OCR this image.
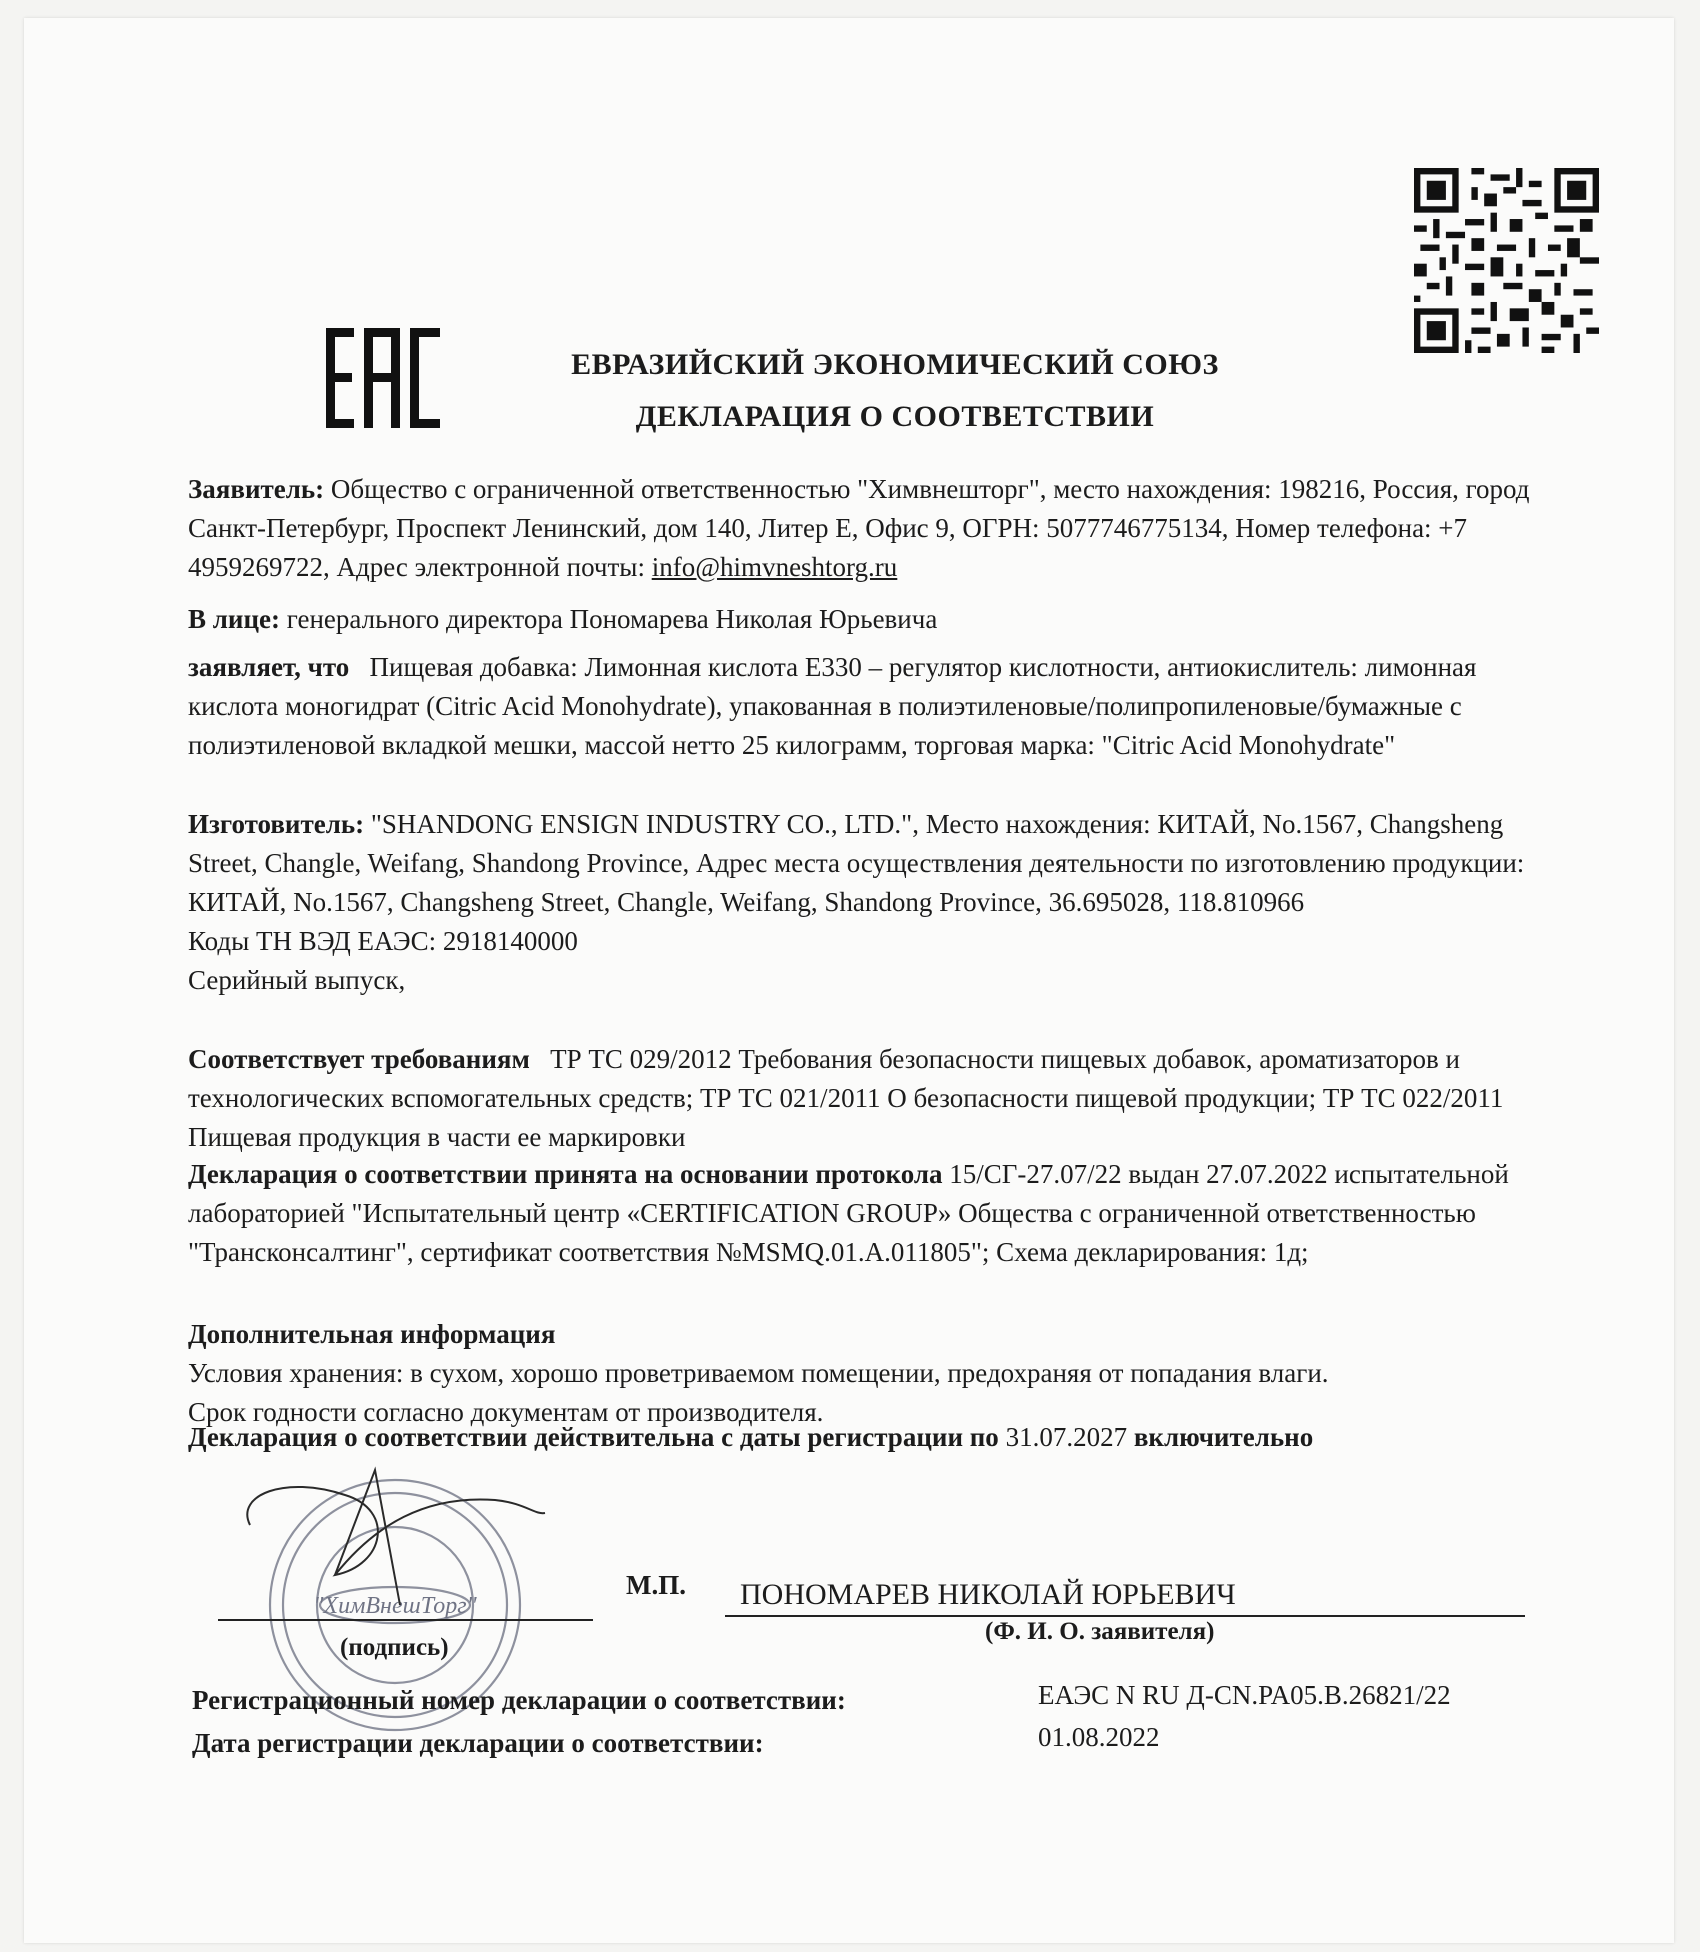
ЕВРАЗИЙСКИЙ ЭКОНОМИЧЕСКИЙ СОЮЗ
ДЕКЛАРАЦИЯ О СООТВЕТСТВИИ
Заявитель: Общество с ограниченной ответственностью "Химвнешторг", место нахождения: 198216, Россия, город Санкт-Петербург, Проспект Ленинский, дом 140, Литер Е, Офис 9, ОГРН: 5077746775134, Номер телефона: +7 4959269722, Адрес электронной почты: info@himvneshtorg.ru
В лице: генерального директора Пономарева Николая Юрьевича
заявляет, что Пищевая добавка: Лимонная кислота Е330 – регулятор кислотности, антиокислитель: лимонная кислота моногидрат (Citric Acid Monohydrate), упакованная в полиэтиленовые/полипропиленовые/бумажные с полиэтиленовой вкладкой мешки, массой нетто 25 килограмм, торговая марка: "Citric Acid Monohydrate"
Изготовитель: "SHANDONG ENSIGN INDUSTRY CO., LTD.", Место нахождения: КИТАЙ, No.1567, Changsheng Street, Changle, Weifang, Shandong Province, Адрес места осуществления деятельности по изготовлению продукции: КИТАЙ, No.1567, Changsheng Street, Changle, Weifang, Shandong Province, 36.695028, 118.810966
Коды ТН ВЭД ЕАЭС: 2918140000
Серийный выпуск,
Соответствует требованиям ТР ТС 029/2012 Требования безопасности пищевых добавок, ароматизаторов и технологических вспомогательных средств; ТР ТС 021/2011 О безопасности пищевой продукции; ТР ТС 022/2011 Пищевая продукция в части ее маркировки
Декларация о соответствии принята на основании протокола 15/СГ-27.07/22 выдан 27.07.2022 испытательной лабораторией "Испытательный центр «CERTIFICATION GROUP» Общества с ограниченной ответственностью "Трансконсалтинг", сертификат соответствия №MSMQ.01.A.011805"; Схема декларирования: 1д;
Дополнительная информация
Условия хранения: в сухом, хорошо проветриваемом помещении, предохраняя от попадания влаги.
Срок годности согласно документам от производителя.
Декларация о соответствии действительна с даты регистрации по 31.07.2027 включительно
"ХимВнешТорг"
(подпись)
М.П. ПОНОМАРЕВ НИКОЛАЙ ЮРЬЕВИЧ
(Ф. И. О. заявителя)
Регистрационный номер декларации о соответствии:	ЕАЭС N RU Д-CN.PA05.B.26821/22
Дата регистрации декларации о соответствии:	01.08.2022
